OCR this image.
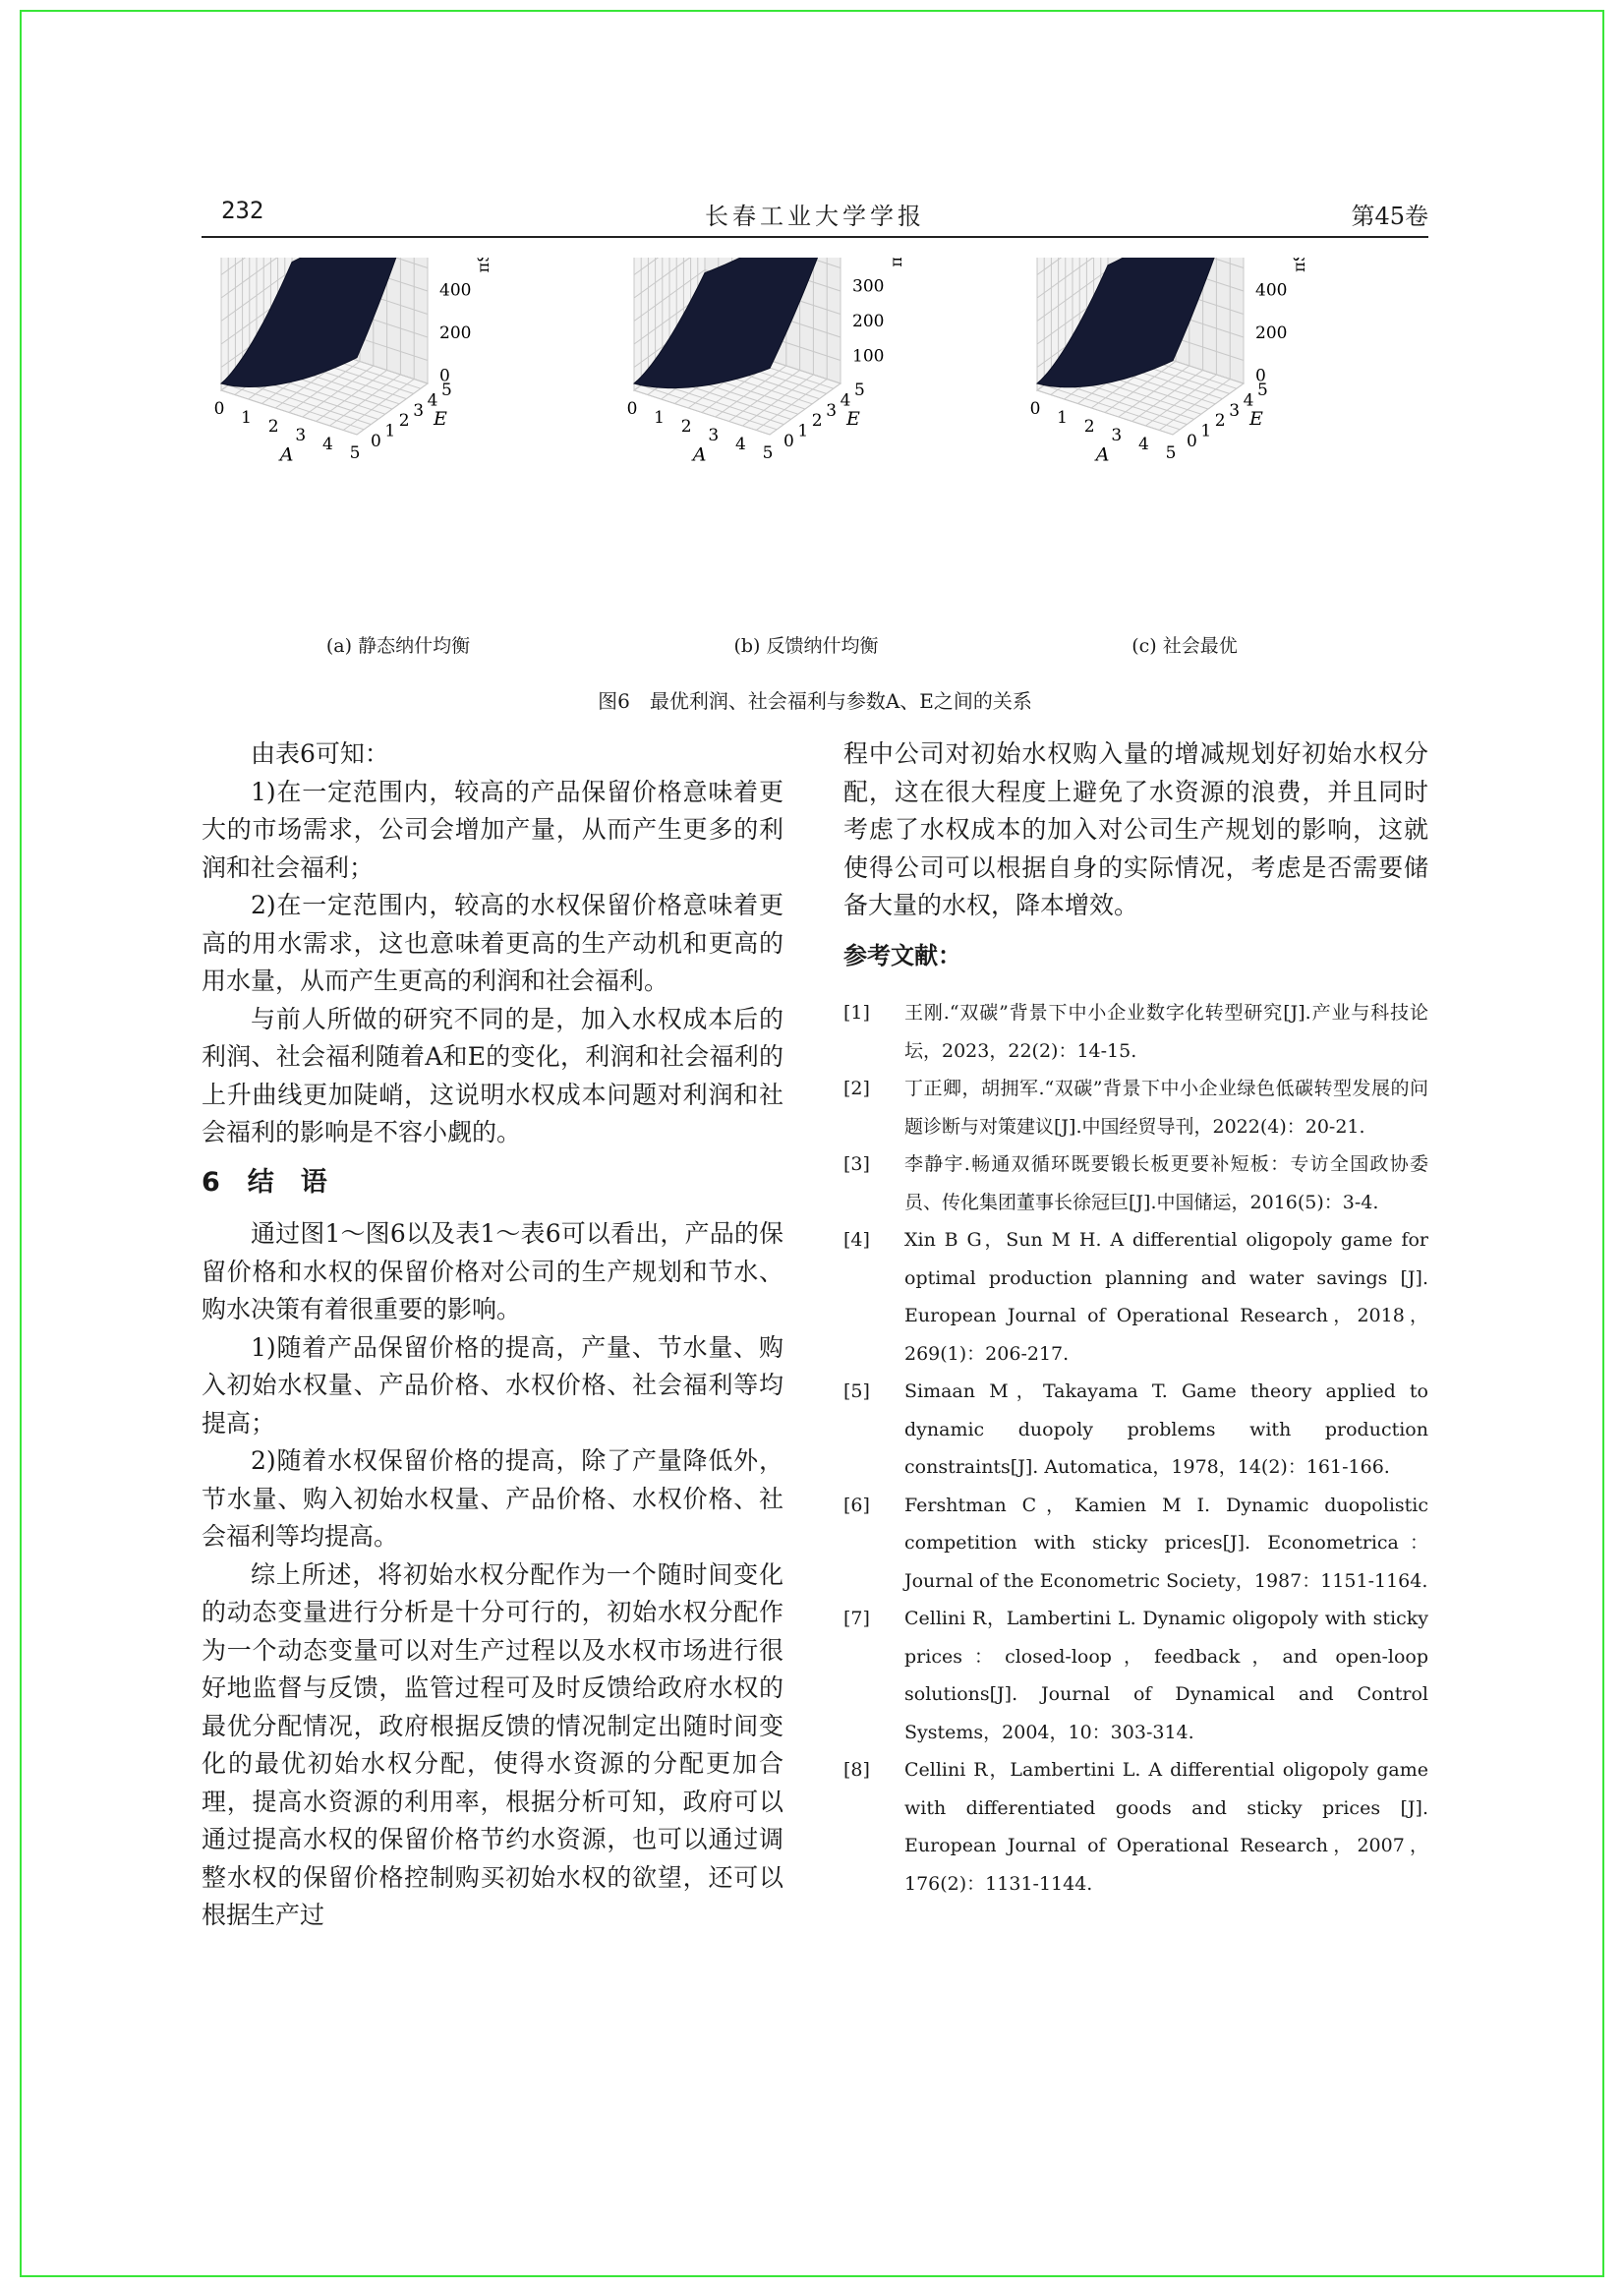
232	长春工业大学学报	第45卷
0 1 2 3 4 5
0
1
2
3
4
5
0
200
400
A
E	0 1 2 3 4 5
0
1
2
3
4
5
100
200
300
A
E	0 1 2 3 4 5
0
1
2
3
4
5
0
200
400
A
E
(a) 静态纳什均衡	(b) 反馈纳什均衡	(c) 社会最优
图6　最优利润、社会福利与参数A、E之间的关系

由表6可知：

1)在一定范围内，较高的产品保留价格意味着更大的市场需求，公司会增加产量，从而产生更多的利润和社会福利；

2)在一定范围内，较高的水权保留价格意味着更高的用水需求，这也意味着更高的生产动机和更高的用水量，从而产生更高的利润和社会福利。

与前人所做的研究不同的是，加入水权成本后的利润、社会福利随着A和E的变化，利润和社会福利的上升曲线更加陡峭，这说明水权成本问题对利润和社会福利的影响是不容小觑的。

6 结　语

通过图1～图6以及表1～表6可以看出，产品的保留价格和水权的保留价格对公司的生产规划和节水、购水决策有着很重要的影响。

1)随着产品保留价格的提高，产量、节水量、购入初始水权量、产品价格、水权价格、社会福利等均提高；

2)随着水权保留价格的提高，除了产量降低外，节水量、购入初始水权量、产品价格、水权价格、社会福利等均提高。

综上所述，将初始水权分配作为一个随时间变化的动态变量进行分析是十分可行的，初始水权分配作为一个动态变量可以对生产过程以及水权市场进行很好地监督与反馈，监管过程可及时反馈给政府水权的最优分配情况，政府根据反馈的情况制定出随时间变化的最优初始水权分配，使得水资源的分配更加合理，提高水资源的利用率，根据分析可知，政府可以通过提高水权的保留价格节约水资源，也可以通过调整水权的保留价格控制购买初始水权的欲望，还可以根据生产过

程中公司对初始水权购入量的增减规划好初始水权分配，这在很大程度上避免了水资源的浪费，并且同时考虑了水权成本的加入对公司生产规划的影响，这就使得公司可以根据自身的实际情况，考虑是否需要储备大量的水权，降本增效。

参考文献：

[1] 王刚.“双碳”背景下中小企业数字化转型研究[J].产业与科技论坛，2023，22(2)：14-15.
[2] 丁正卿，胡拥军.“双碳”背景下中小企业绿色低碳转型发展的问题诊断与对策建议[J].中国经贸导刊，2022(4)：20-21.
[3] 李静宇.畅通双循环既要锻长板更要补短板：专访全国政协委员、传化集团董事长徐冠巨[J].中国储运，2016(5)：3-4.
[4] Xin B G，Sun M H. A differential oligopoly game for optimal production planning and water savings [J]. European Journal of Operational Research，2018，269(1)：206-217.
[5] Simaan M，Takayama T. Game theory applied to dynamic duopoly problems with production constraints[J]. Automatica，1978，14(2)：161-166.
[6] Fershtman C，Kamien M I. Dynamic duopolistic competition with sticky prices[J]. Econometrica：Journal of the Econometric Society，1987：1151-1164.
[7] Cellini R，Lambertini L. Dynamic oligopoly with sticky prices：closed-loop，feedback，and open-loop solutions[J]. Journal of Dynamical and Control Systems，2004，10：303-314.
[8] Cellini R，Lambertini L. A differential oligopoly game with differentiated goods and sticky prices [J]. European Journal of Operational Research，2007，176(2)：1131-1144.
